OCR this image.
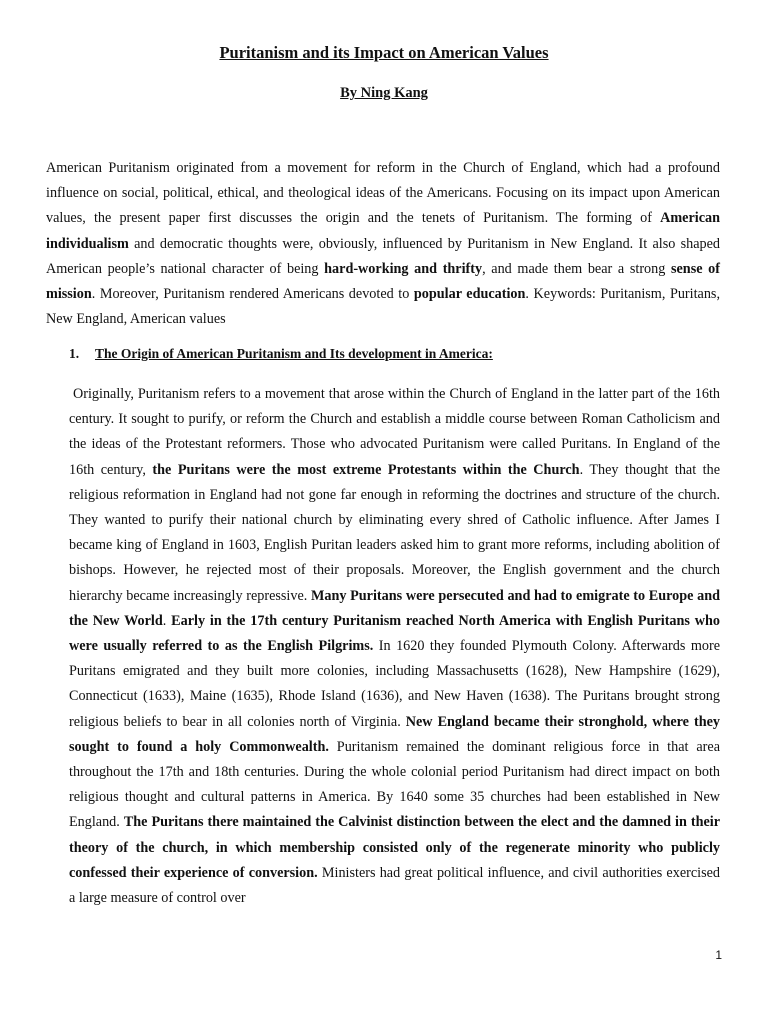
Puritanism and its Impact on American Values

By Ning Kang

American Puritanism originated from a movement for reform in the Church of England, which had a profound influence on social, political, ethical, and theological ideas of the Americans. Focusing on its impact upon American values, the present paper first discusses the origin and the tenets of Puritanism. The forming of American individualism and democratic thoughts were, obviously, influenced by Puritanism in New England. It also shaped American people’s national character of being hard-working and thrifty, and made them bear a strong sense of mission. Moreover, Puritanism rendered Americans devoted to popular education. Keywords: Puritanism, Puritans, New England, American values

1. The Origin of American Puritanism and Its development in America:

Originally, Puritanism refers to a movement that arose within the Church of England in the latter part of the 16th century. It sought to purify, or reform the Church and establish a middle course between Roman Catholicism and the ideas of the Protestant reformers. Those who advocated Puritanism were called Puritans. In England of the 16th century, the Puritans were the most extreme Protestants within the Church. They thought that the religious reformation in England had not gone far enough in reforming the doctrines and structure of the church. They wanted to purify their national church by eliminating every shred of Catholic influence. After James I became king of England in 1603, English Puritan leaders asked him to grant more reforms, including abolition of bishops. However, he rejected most of their proposals. Moreover, the English government and the church hierarchy became increasingly repressive. Many Puritans were persecuted and had to emigrate to Europe and the New World. Early in the 17th century Puritanism reached North America with English Puritans who were usually referred to as the English Pilgrims. In 1620 they founded Plymouth Colony. Afterwards more Puritans emigrated and they built more colonies, including Massachusetts (1628), New Hampshire (1629), Connecticut (1633), Maine (1635), Rhode Island (1636), and New Haven (1638). The Puritans brought strong religious beliefs to bear in all colonies north of Virginia. New England became their stronghold, where they sought to found a holy Commonwealth. Puritanism remained the dominant religious force in that area throughout the 17th and 18th centuries. During the whole colonial period Puritanism had direct impact on both religious thought and cultural patterns in America. By 1640 some 35 churches had been established in New England. The Puritans there maintained the Calvinist distinction between the elect and the damned in their theory of the church, in which membership consisted only of the regenerate minority who publicly confessed their experience of conversion. Ministers had great political influence, and civil authorities exercised a large measure of control over

1
